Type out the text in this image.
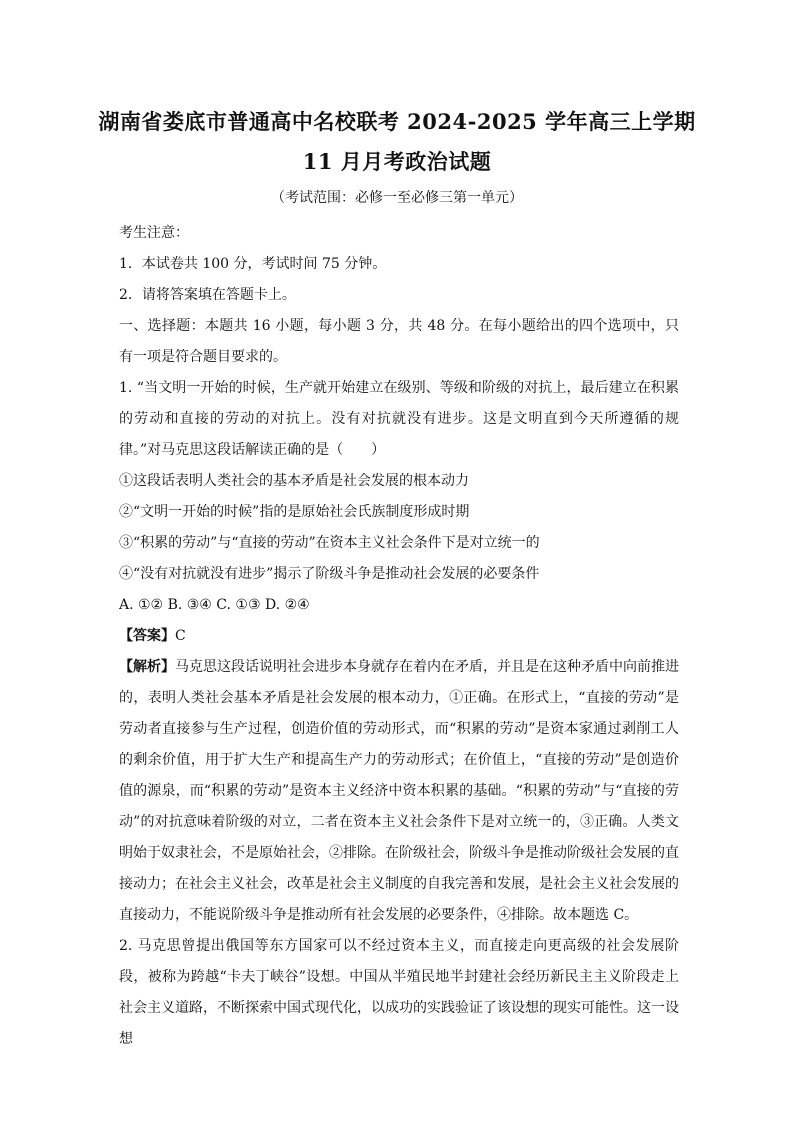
湖南省娄底市普通高中名校联考 2024-2025 学年高三上学期
11 月月考政治试题
（考试范围：必修一至必修三第一单元）

考生注意：

1．本试卷共 100 分，考试时间 75 分钟。

2．请将答案填在答题卡上。

一、选择题：本题共 16 小题，每小题 3 分，共 48 分。在每小题给出的四个选项中，只有一项是符合题目要求的。

1. “当文明一开始的时候，生产就开始建立在级别、等级和阶级的对抗上，最后建立在积累的劳动和直接的劳动的对抗上。没有对抗就没有进步。这是文明直到今天所遵循的规律。”对马克思这段话解读正确的是（　　）

①这段话表明人类社会的基本矛盾是社会发展的根本动力

②“文明一开始的时候”指的是原始社会氏族制度形成时期

③“积累的劳动”与“直接的劳动”在资本主义社会条件下是对立统一的

④“没有对抗就没有进步”揭示了阶级斗争是推动社会发展的必要条件

A. ①② B. ③④ C. ①③ D. ②④

【答案】C

【解析】马克思这段话说明社会进步本身就存在着内在矛盾，并且是在这种矛盾中向前推进的，表明人类社会基本矛盾是社会发展的根本动力，①正确。在形式上，“直接的劳动”是劳动者直接参与生产过程，创造价值的劳动形式，而“积累的劳动”是资本家通过剥削工人的剩余价值，用于扩大生产和提高生产力的劳动形式；在价值上，“直接的劳动”是创造价值的源泉，而“积累的劳动”是资本主义经济中资本积累的基础。“积累的劳动”与“直接的劳动”的对抗意味着阶级的对立，二者在资本主义社会条件下是对立统一的，③正确。人类文明始于奴隶社会，不是原始社会，②排除。在阶级社会，阶级斗争是推动阶级社会发展的直接动力；在社会主义社会，改革是社会主义制度的自我完善和发展，是社会主义社会发展的直接动力，不能说阶级斗争是推动所有社会发展的必要条件，④排除。故本题选 C。

2. 马克思曾提出俄国等东方国家可以不经过资本主义，而直接走向更高级的社会发展阶段，被称为跨越“卡夫丁峡谷”设想。中国从半殖民地半封建社会经历新民主主义阶段走上社会主义道路，不断探索中国式现代化，以成功的实践验证了该设想的现实可能性。这一设想
